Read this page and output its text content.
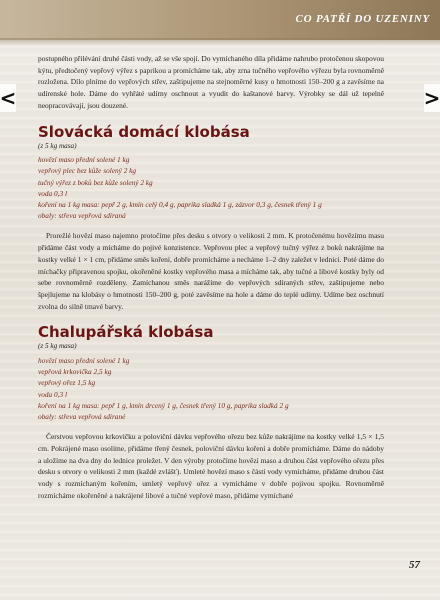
CO PATŘÍ DO UZENINY
<	>

postupného přilévání druhé části vody, až se vše spojí. Do vymíchaného díla přidáme nahrubo protočenou skopovou kýtu, předtočený vepřový výřez s paprikou a promícháme tak, aby zrna tučného vepřového výřezu byla rovnoměrně rozložena. Dílo plníme do vepřových střev, zaštipujeme na stejnoměrné kusy o hmotnosti 150–200 g a zavěsíme na udírenské hole. Dáme do vyhřáté udírny oschnout a vyudit do kaštanové barvy. Výrobky se dál už tepelně neopracovávají, jsou douzené.

Slovácká domácí klobása
(z 5 kg masa)
hovězí maso přední solené 1 kg
vepřový plec bez kůže solený 2 kg
tučný výřez z boků bez kůže solený 2 kg
voda 0,3 l
koření na 1 kg masa: pepř 2 g, kmín celý 0,4 g, paprika sladká 1 g, zázvor 0,3 g, česnek třený 1 g
obaly: střeva vepřová sdíraná

Prorežlé hovězí maso najemno protočíme přes desku s otvory o velikosti 2 mm. K protočenému hovězímu masu přidáme část vody a mícháme do pojivé konzistence. Vepřovou plec a vepřový tučný výřez z boků nakrájíme na kostky velké 1 × 1 cm, přidáme směs koření, dobře promícháme a necháme 1–2 dny zaležet v lednici. Poté dáme do míchačky připravenou spojku, okořeněné kostky vepřového masa a mícháme tak, aby tučné a libové kostky byly od sebe rovnoměrně rozděleny. Zamíchanou směs narážíme do vepřových sdíraných střev, zaštipujeme nebo špejlujeme na klobásy o hmotnosti 150–200 g, poté zavěsíme na hole a dáme do teplé udírny. Udíme bez oschnutí zvolna do silně tmavé barvy.

Chalupářská klobása
(z 5 kg masa)
hovězí maso přední solené 1 kg
vepřová krkovička 2,5 kg
vepřový ořez 1,5 kg
voda 0,3 l
koření na 1 kg masa: pepř 1 g, kmín drcený 1 g, česnek třený 10 g, paprika sladká 2 g
obaly: střeva vepřová sdírané

Čerstvou vepřovou krkovičku a poloviční dávku vepřového ořezu bez kůže nakrájíme na kostky velké 1,5 × 1,5 cm. Pokrájené maso osolíme, přidáme třený česnek, poloviční dávku koření a dobře promícháme. Dáme do nádoby a uložíme na dva dny do lednice proležet. V den výroby protočíme hovězí maso a druhou část vepřového ořezu přes desku s otvory o velikosti 2 mm (každé zvlášť). Umleté hovězí maso s částí vody vymícháme, přidáme druhou část vody s rozmíchaným kořením, umletý vepřový ořez a vymícháme v dobře pojivou spojku. Rovnoměrně rozmícháme okořeněné a nakrájené libové a tučné vepřové maso, přidáme vymíchané

57
